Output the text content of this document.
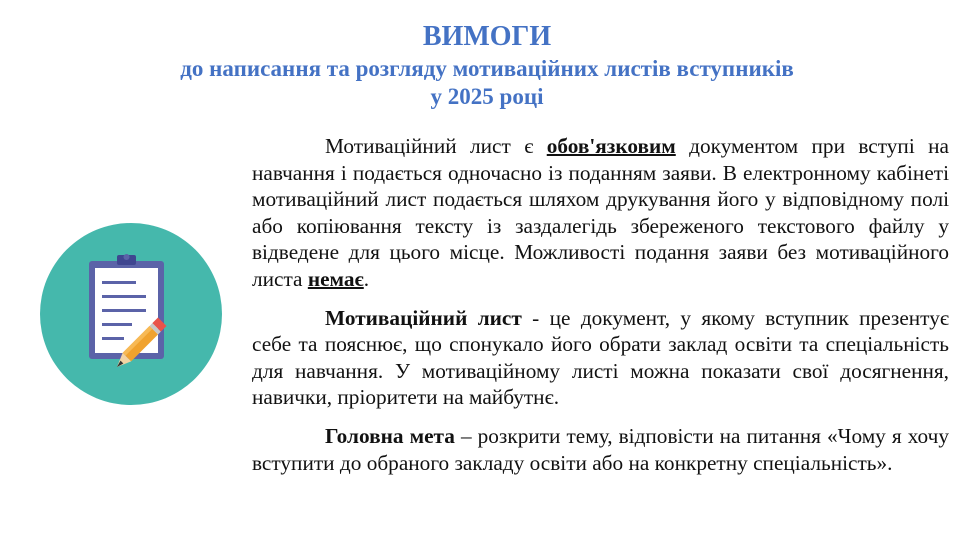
ВИМОГИ
до написання та розгляду мотиваційних листів вступників
у 2025 році

Мотиваційний лист є обов'язковим документом при вступі на навчання і подається одночасно із поданням заяви. В електронному кабінеті мотиваційний лист подається шляхом друкування його у відповідному полі або копіювання тексту із заздалегідь збереженого текстового файлу у відведене для цього місце. Можливості подання заяви без мотиваційного листа немає.

Мотиваційний лист - це документ, у якому вступник презентує себе та пояснює, що спонукало його обрати заклад освіти та спеціальність для навчання. У мотиваційному листі можна показати свої досягнення, навички, пріоритети на майбутнє.

Головна мета – розкрити тему, відповісти на питання «Чому я хочу вступити до обраного закладу освіти або на конкретну спеціальність».
